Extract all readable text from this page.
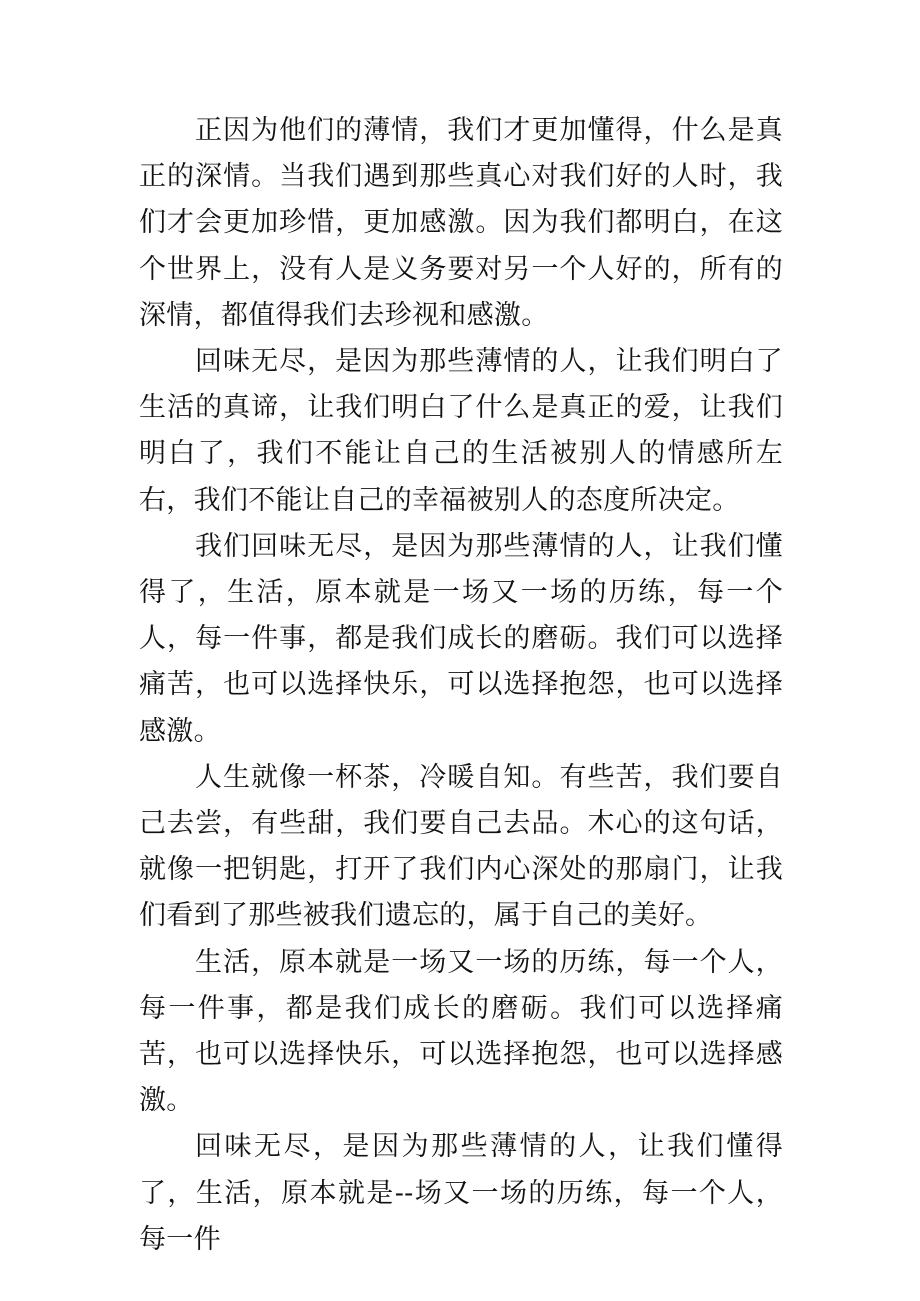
正因为他们的薄情，我们才更加懂得，什么是真正的深情。当我们遇到那些真心对我们好的人时，我们才会更加珍惜，更加感激。因为我们都明白，在这个世界上，没有人是义务要对另一个人好的，所有的深情，都值得我们去珍视和感激。

回味无尽，是因为那些薄情的人，让我们明白了生活的真谛，让我们明白了什么是真正的爱，让我们明白了，我们不能让自己的生活被别人的情感所左右，我们不能让自己的幸福被别人的态度所决定。

我们回味无尽，是因为那些薄情的人，让我们懂得了，生活，原本就是一场又一场的历练，每一个人，每一件事，都是我们成长的磨砺。我们可以选择痛苦，也可以选择快乐，可以选择抱怨，也可以选择感激。

人生就像一杯茶，冷暖自知。有些苦，我们要自己去尝，有些甜，我们要自己去品。木心的这句话，就像一把钥匙，打开了我们内心深处的那扇门，让我们看到了那些被我们遗忘的，属于自己的美好。

生活，原本就是一场又一场的历练，每一个人，每一件事，都是我们成长的磨砺。我们可以选择痛苦，也可以选择快乐，可以选择抱怨，也可以选择感激。

回味无尽，是因为那些薄情的人，让我们懂得了，生活，原本就是--场又一场的历练，每一个人，每一件
